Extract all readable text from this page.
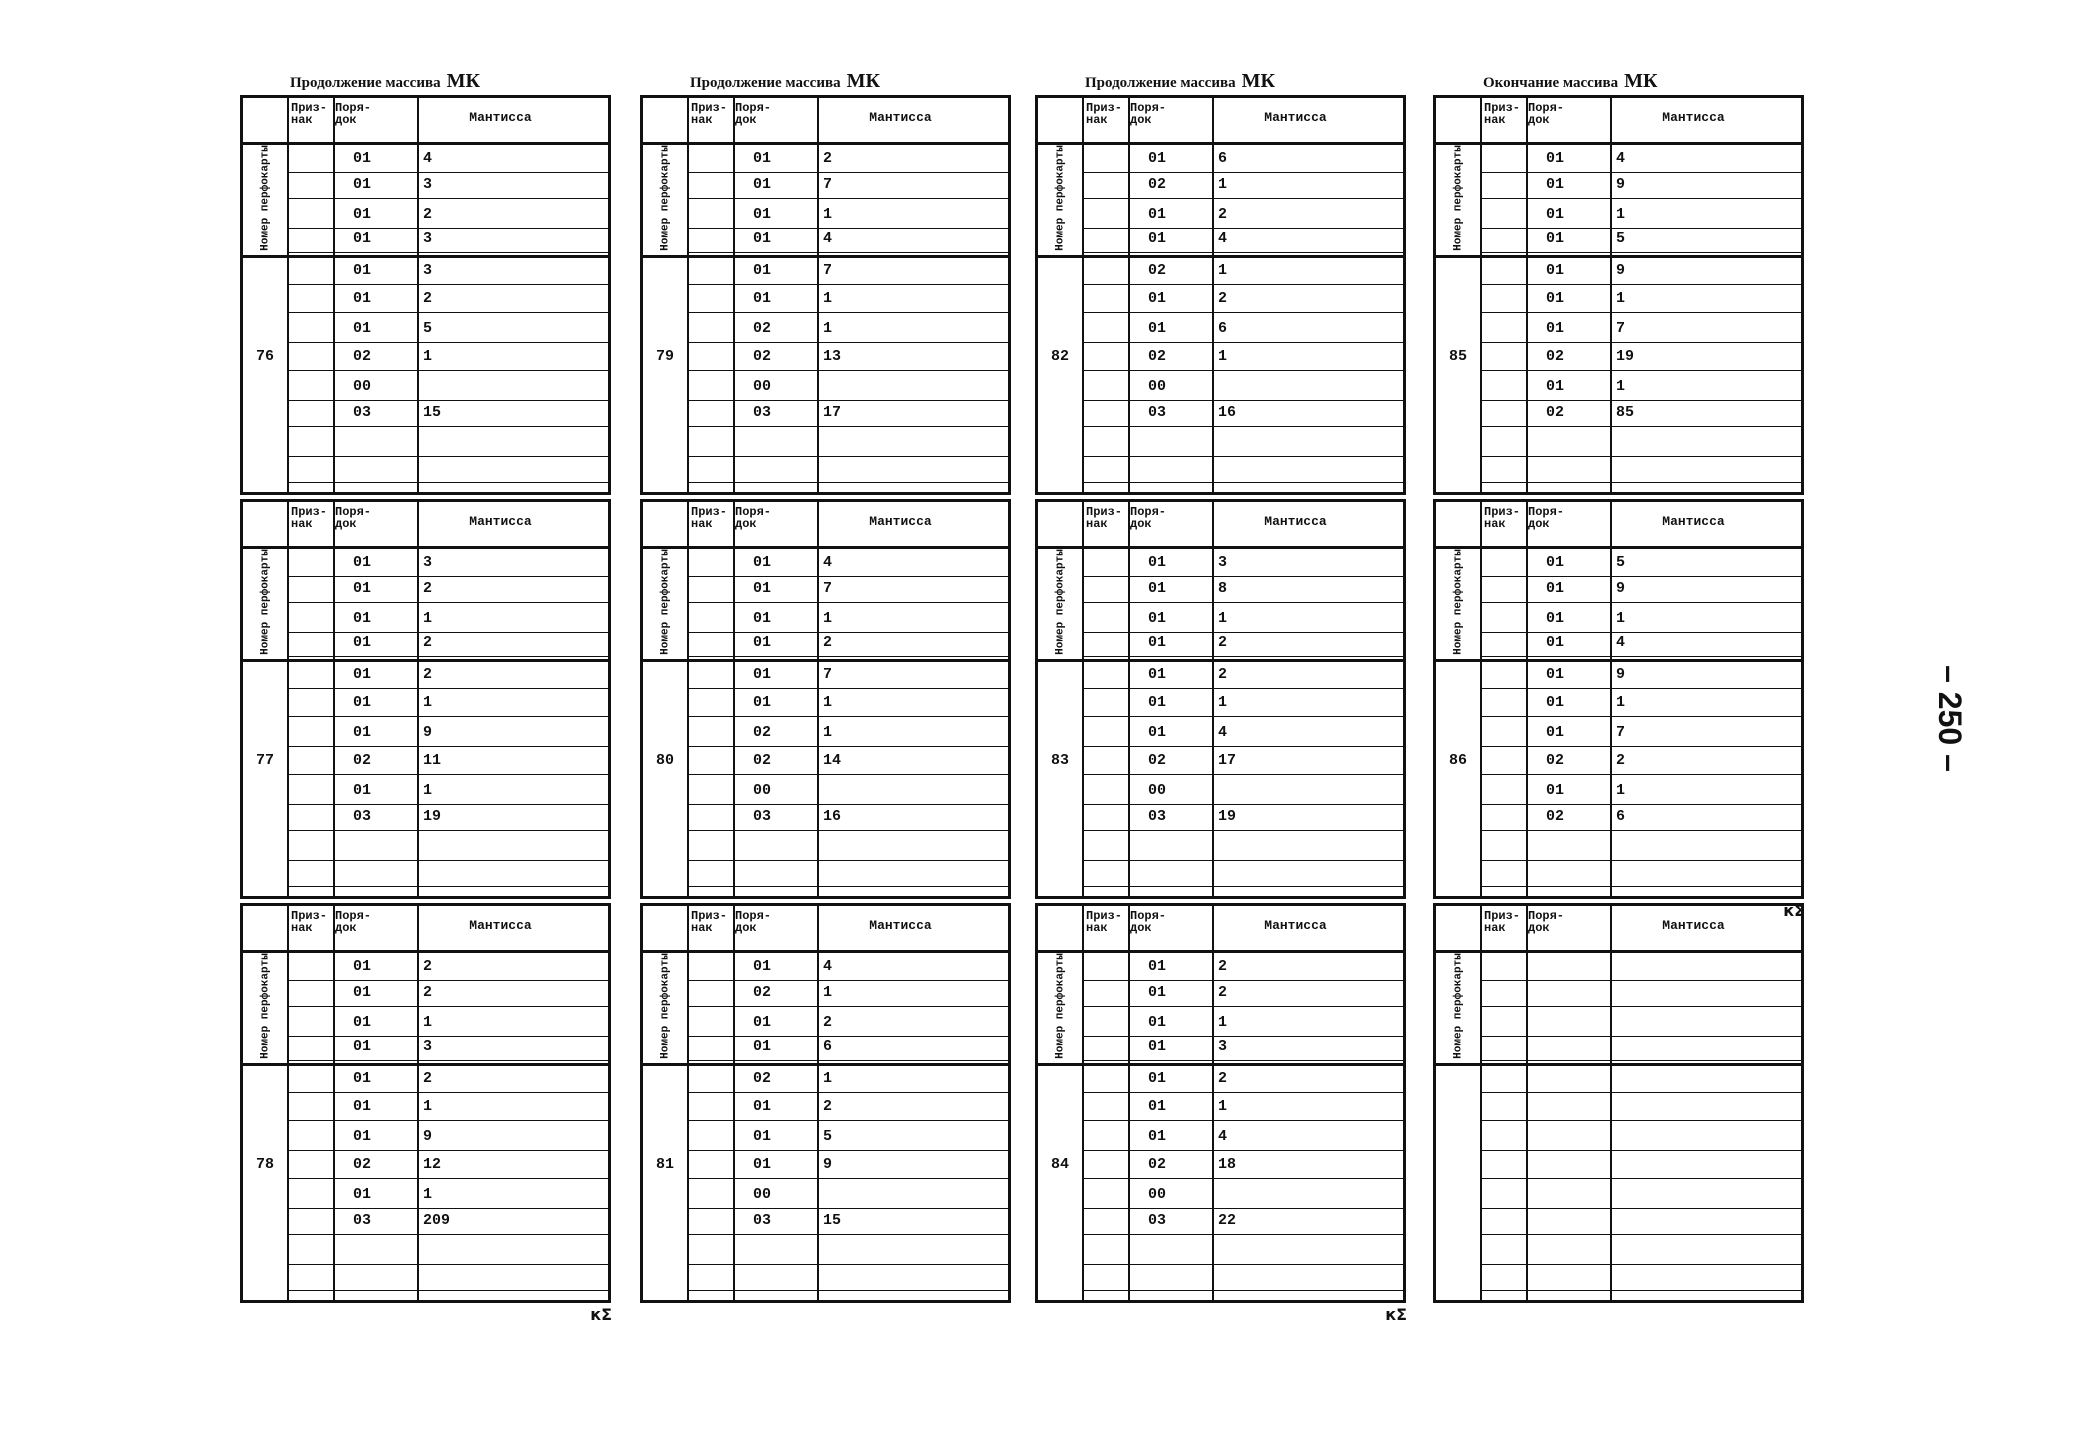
Продолжение массива МК
Приз-нак
Поря-док	Мантисса
Номер перфокарты
76
01	4
01	3
01	2
01	3
01	3
01	2
01	5
02	1
00
03	15
Приз-нак
Поря-док	Мантисса
Номер перфокарты
77
01	3
01	2
01	1
01	2
01	2
01	1
01	9
02	11
01	1
03	19
Приз-нак
Поря-док	Мантисса
Номер перфокарты
78
01	2
01	2
01	1
01	3
01	2
01	1
01	9
02	12
01	1
03	209
кΣ
Продолжение массива МК
Приз-нак
Поря-док	Мантисса
Номер перфокарты
79
01	2
01	7
01	1
01	4
01	7
01	1
02	1
02	13
00
03	17
Приз-нак
Поря-док	Мантисса
Номер перфокарты
80
01	4
01	7
01	1
01	2
01	7
01	1
02	1
02	14
00
03	16
Приз-нак
Поря-док	Мантисса
Номер перфокарты
81
01	4
02	1
01	2
01	6
02	1
01	2
01	5
01	9
00
03	15
Продолжение массива МК
Приз-нак
Поря-док	Мантисса
Номер перфокарты
82
01	6
02	1
01	2
01	4
02	1
01	2
01	6
02	1
00
03	16
Приз-нак
Поря-док	Мантисса
Номер перфокарты
83
01	3
01	8
01	1
01	2
01	2
01	1
01	4
02	17
00
03	19
Приз-нак
Поря-док	Мантисса
Номер перфокарты
84
01	2
01	2
01	1
01	3
01	2
01	1
01	4
02	18
00
03	22
кΣ
Окончание массива МК
Приз-нак
Поря-док	Мантисса
Номер перфокарты
85
01	4
01	9
01	1
01	5
01	9
01	1
01	7
02	19
01	1
02	85
Приз-нак
Поря-док	Мантисса
Номер перфокарты
86
01	5
01	9
01	1
01	4
01	9
01	1
01	7
02	2
01	1
02	6
кΣ
Приз-нак
Поря-док	Мантисса
Номер перфокарты
– 250 –
